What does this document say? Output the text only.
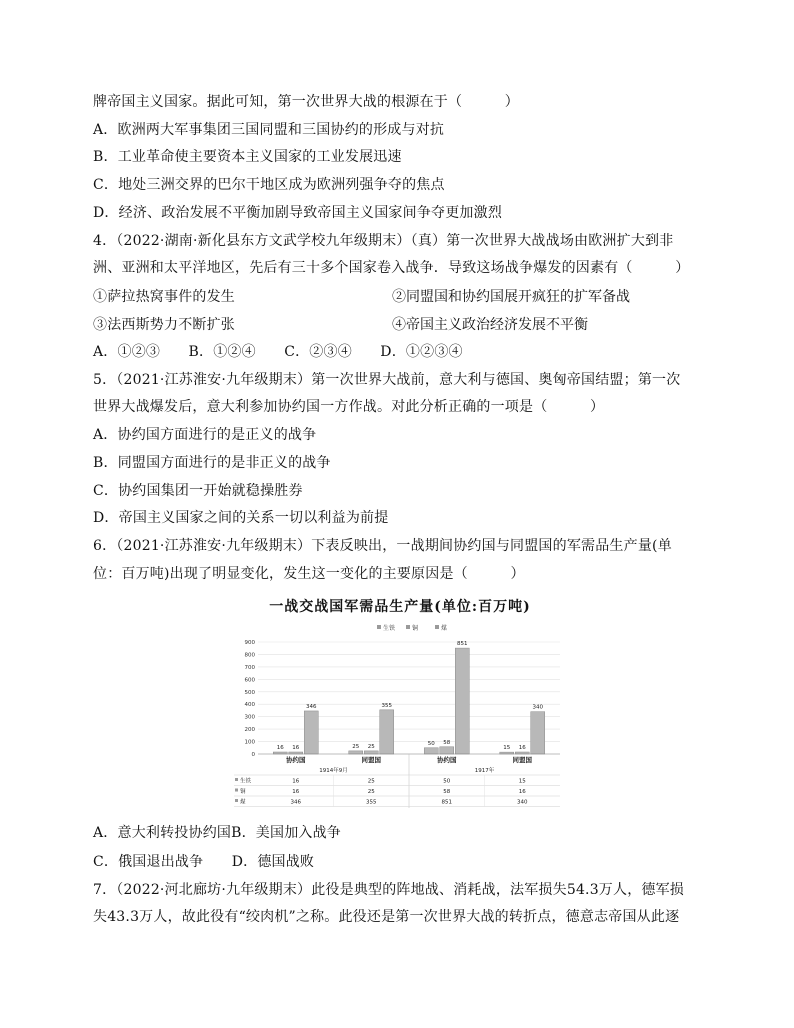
牌帝国主义国家。据此可知，第一次世界大战的根源在于（　　　）
A．欧洲两大军事集团三国同盟和三国协约的形成与对抗
B．工业革命使主要资本主义国家的工业发展迅速
C．地处三洲交界的巴尔干地区成为欧洲列强争夺的焦点
D．经济、政治发展不平衡加剧导致帝国主义国家间争夺更加激烈
4．（2022·湖南·新化县东方文武学校九年级期末）（真）第一次世界大战战场由欧洲扩大到非
洲、亚洲和太平洋地区，先后有三十多个国家卷入战争．导致这场战争爆发的因素有（　　　）
①萨拉热窝事件的发生	②同盟国和协约国展开疯狂的扩军备战
③法西斯势力不断扩张	④帝国主义政治经济发展不平衡
A．①②③　　B．①②④　　C．②③④　　D．①②③④
5．（2021·江苏淮安·九年级期末）第一次世界大战前，意大利与德国、奥匈帝国结盟；第一次
世界大战爆发后，意大利参加协约国一方作战。对此分析正确的一项是（　　　）
A．协约国方面进行的是正义的战争
B．同盟国方面进行的是非正义的战争
C．协约国集团一开始就稳操胜券
D．帝国主义国家之间的关系一切以利益为前提
6．（2021·江苏淮安·九年级期末）下表反映出，一战期间协约国与同盟国的军需品生产量(单
位：百万吨)出现了明显变化，发生这一变化的主要原因是（　　　）
一战交战国军需品生产量(单位:百万吨)
生铁	铜	煤
0
100
200
300
400
500
600
700
800
900
16 16
346
协约国
25 25
355
同盟国
50 58
851
协约国
15 16
340
同盟国
1914年9月	1917年
生铁	16	25	50	15
铜	16	25	58	16
煤	346	355	851	340
A．意大利转投协约国B．美国加入战争
C．俄国退出战争　　D．德国战败
7．（2022·河北廊坊·九年级期末）此役是典型的阵地战、消耗战，法军损失54.3万人，德军损
失43.3万人，故此役有“绞肉机”之称。此役还是第一次世界大战的转折点，德意志帝国从此逐
